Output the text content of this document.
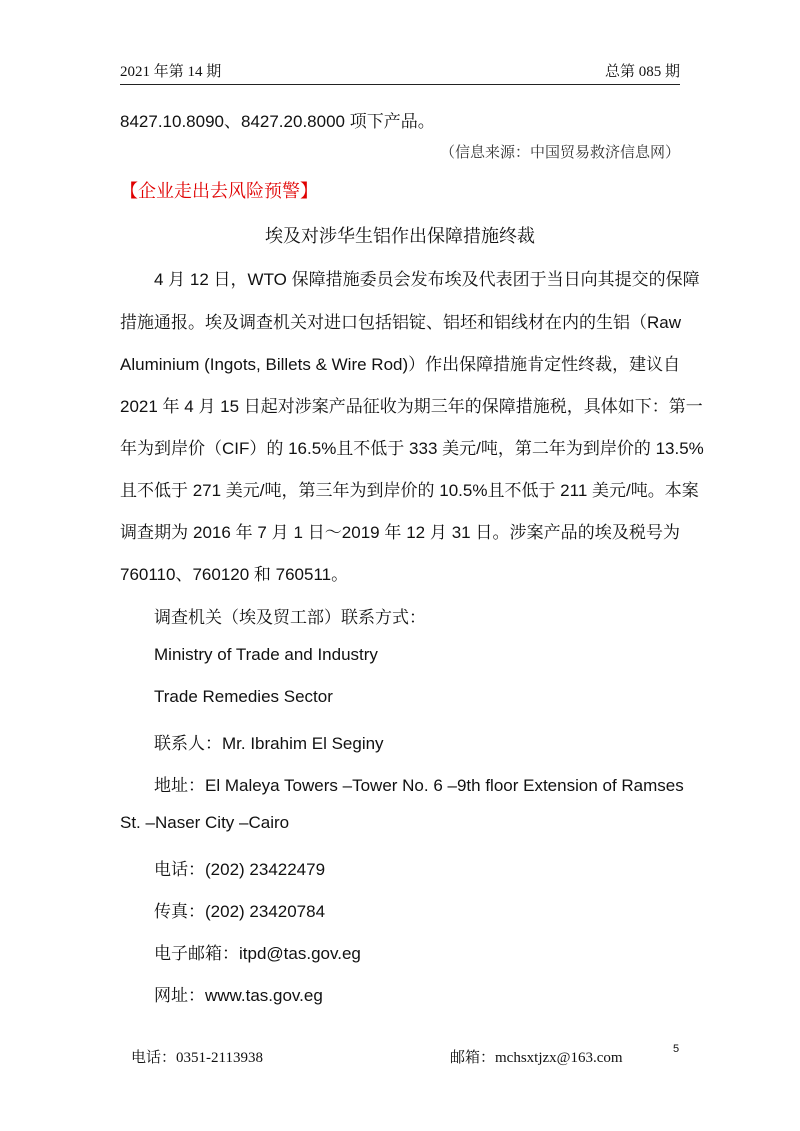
2021 年第 14 期	总第 085 期
8427.10.8090、8427.20.8000 项下产品。
（信息来源：中国贸易救济信息网）
【企业走出去风险预警】
埃及对涉华生铝作出保障措施终裁
4 月 12 日，WTO 保障措施委员会发布埃及代表团于当日向其提交的保障
措施通报。埃及调查机关对进口包括铝锭、铝坯和铝线材在内的生铝（Raw
Aluminium (Ingots, Billets & Wire Rod)）作出保障措施肯定性终裁，建议自
2021 年 4 月 15 日起对涉案产品征收为期三年的保障措施税，具体如下：第一
年为到岸价（CIF）的 16.5%且不低于 333 美元/吨，第二年为到岸价的 13.5%
且不低于 271 美元/吨，第三年为到岸价的 10.5%且不低于 211 美元/吨。本案
调查期为 2016 年 7 月 1 日～2019 年 12 月 31 日。涉案产品的埃及税号为
760110、760120 和 760511。
调查机关（埃及贸工部）联系方式：
Ministry of Trade and Industry
Trade Remedies Sector
联系人：Mr. Ibrahim El Seginy
地址：El Maleya Towers –Tower No. 6 –9th floor Extension of Ramses
St. –Naser City –Cairo
电话：(202) 23422479
传真：(202) 23420784
电子邮箱：itpd@tas.gov.eg
网址：www.tas.gov.eg
电话：0351-2113938	邮箱：mchsxtjzx@163.com
5
